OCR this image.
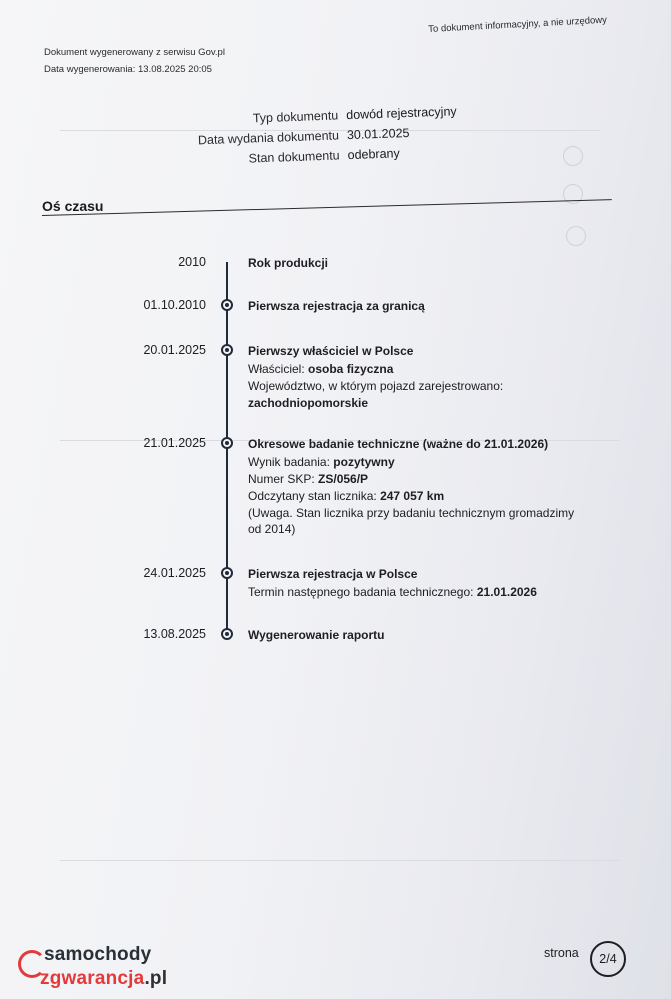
Dokument wygenerowany z serwisu Gov.pl
Data wygenerowania: 13.08.2025 20:05
To dokument informacyjny, a nie urzędowy
Typ dokumentu dowód rejestracyjny
Data wydania dokumentu 30.01.2025
Stan dokumentu odebrany
Oś czasu
2010	Rok produkcji
01.10.2010	Pierwsza rejestracja za granicą
20.01.2025	Pierwszy właściciel w Polsce
Właściciel: osoba fizyczna
Województwo, w którym pojazd zarejestrowano:
zachodniopomorskie
21.01.2025	Okresowe badanie techniczne (ważne do 21.01.2026)
Wynik badania: pozytywny
Numer SKP: ZS/056/P
Odczytany stan licznika: 247 057 km
(Uwaga. Stan licznika przy badaniu technicznym gromadzimy od 2014)
24.01.2025	Pierwsza rejestracja w Polsce
Termin następnego badania technicznego: 21.01.2026
13.08.2025	Wygenerowanie raportu
samochody
zgwarancja.pl
strona	2/4
